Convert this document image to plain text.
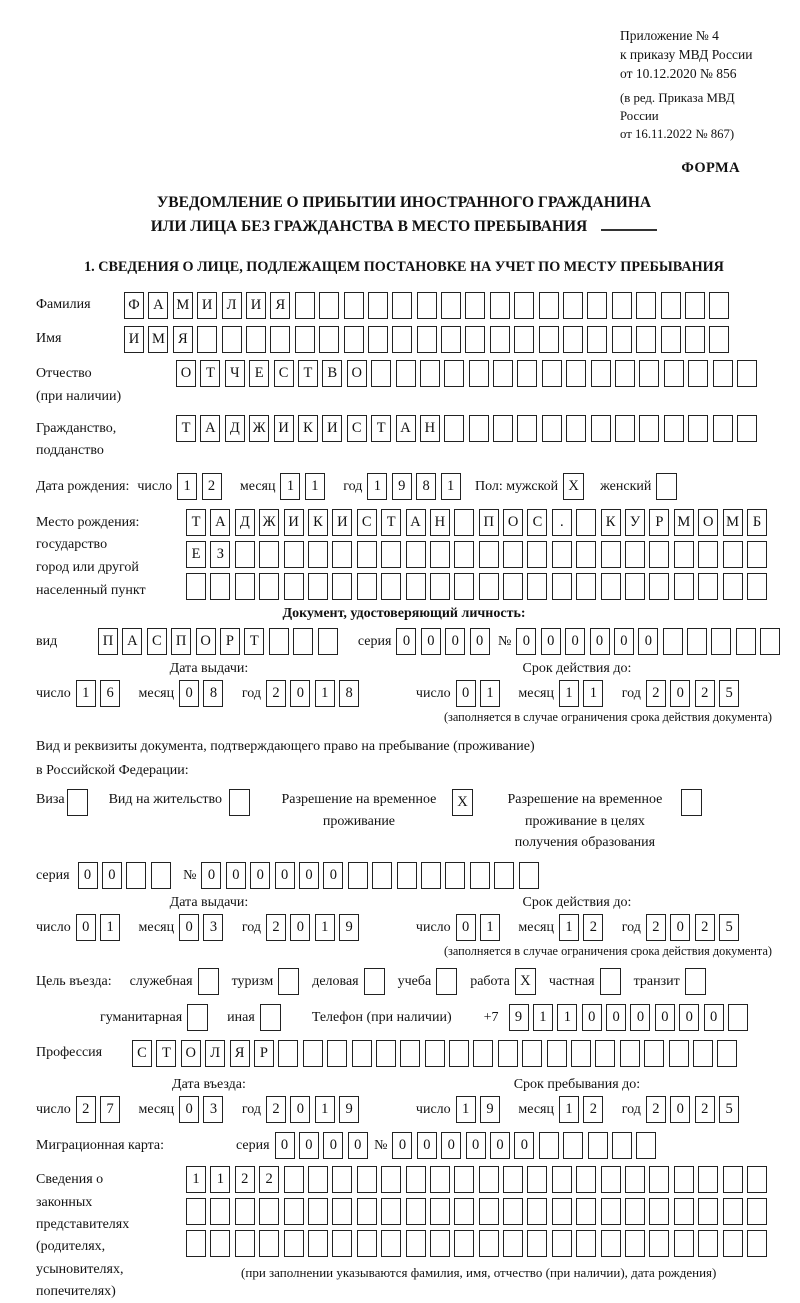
Приложение № 4
к приказу МВД России
от 10.12.2020 № 856
(в ред. Приказа МВД России
от 16.11.2022 № 867)
ФОРМА
УВЕДОМЛЕНИЕ О ПРИБЫТИИ ИНОСТРАННОГО ГРАЖДАНИНА
ИЛИ ЛИЦА БЕЗ ГРАЖДАНСТВА В МЕСТО ПРЕБЫВАНИЯ
1. СВЕДЕНИЯ О ЛИЦЕ, ПОДЛЕЖАЩЕМ ПОСТАНОВКЕ НА УЧЕТ ПО МЕСТУ ПРЕБЫВАНИЯ
Фамилия	Ф А М И Л И Я
Имя	И М Я
Отчество
(при наличии)
О Т Ч Е С Т В О
Гражданство,
подданство
Т А Д Ж И К И С Т А Н
Дата рождения: число 1 2 месяц 1 1 год 1 9 8 1 Пол: мужской X женский
Место рождения:
государство
город или другой
населенный пункт
Т А Д Ж И К И С Т А Н	П О С .	К У Р М О М Б
Е З
Документ, удостоверяющий личность:
вид	П А С П О Р Т	серия 0 0 0 0	№ 0 0 0 0 0 0
Дата выдачи:
число 1 6 месяц 0 8 год 2 0 1 8
Срок действия до:
число 0 1 месяц 1 1 год 2 0 2 5
(заполняется в случае ограничения срока действия документа)
Вид и реквизиты документа, подтверждающего право на пребывание (проживание)
в Российской Федерации:
Виза	Вид на жительство	Разрешение на временное проживание
X	Разрешение на временное проживание в целях получения образования
серия 0 0	№ 0 0 0 0 0 0
Дата выдачи:
число 0 1 месяц 0 3 год 2 0 1 9
Срок действия до:
число 0 1 месяц 1 2 год 2 0 2 5
(заполняется в случае ограничения срока действия документа)
Цель въезда:
служебная
	туризм
	деловая
	учеба
	работа X
	частная
	транзит
гуманитарная
	иная
	Телефон (при наличии)
+7 9 1 1 0 0 0 0 0 0
Профессия	С Т О Л Я Р
Дата въезда:
число 2 7 месяц 0 3 год 2 0 1 9
Срок пребывания до:
число 1 9 месяц 1 2 год 2 0 2 5
Миграционная карта:	серия 0 0 0 0 № 0 0 0 0 0 0
Сведения о
законных
представителях
(родителях,
усыновителях,
попечителях)
1 1 2 2
(при заполнении указываются фамилия, имя, отчество (при наличии), дата рождения)
